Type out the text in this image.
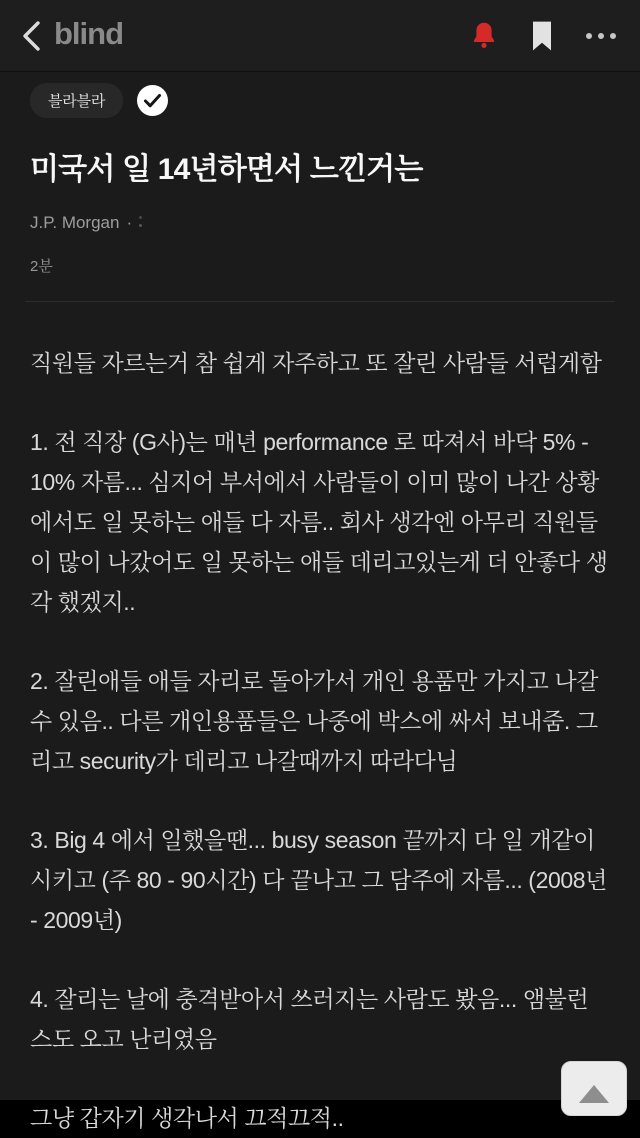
blind
블라블라
미국서 일 14년하면서 느낀거는
J.P. Morgan ·
2분

직원들 자르는거 참 쉽게 자주하고 또 잘린 사람들 서럽게함

1. 전 직장 (G사)는 매년 performance 로 따져서 바닥 5% - 10% 자름... 심지어 부서에서 사람들이 이미 많이 나간 상황에서도 일 못하는 애들 다 자름.. 회사 생각엔 아무리 직원들이 많이 나갔어도 일 못하는 애들 데리고있는게 더 안좋다 생각 했겠지..

2. 잘린애들 애들 자리로 돌아가서 개인 용품만 가지고 나갈 수 있음.. 다른 개인용품들은 나중에 박스에 싸서 보내줌. 그리고 security가 데리고 나갈때까지 따라다님

3. Big 4 에서 일했을땐... busy season 끝까지 다 일 개같이 시키고 (주 80 - 90시간) 다 끝나고 그 담주에 자름... (2008년 - 2009년)

4. 잘리는 날에 충격받아서 쓰러지는 사람도 봤음... 앰불런스도 오고 난리였음

그냥 갑자기 생각나서 끄적끄적..
